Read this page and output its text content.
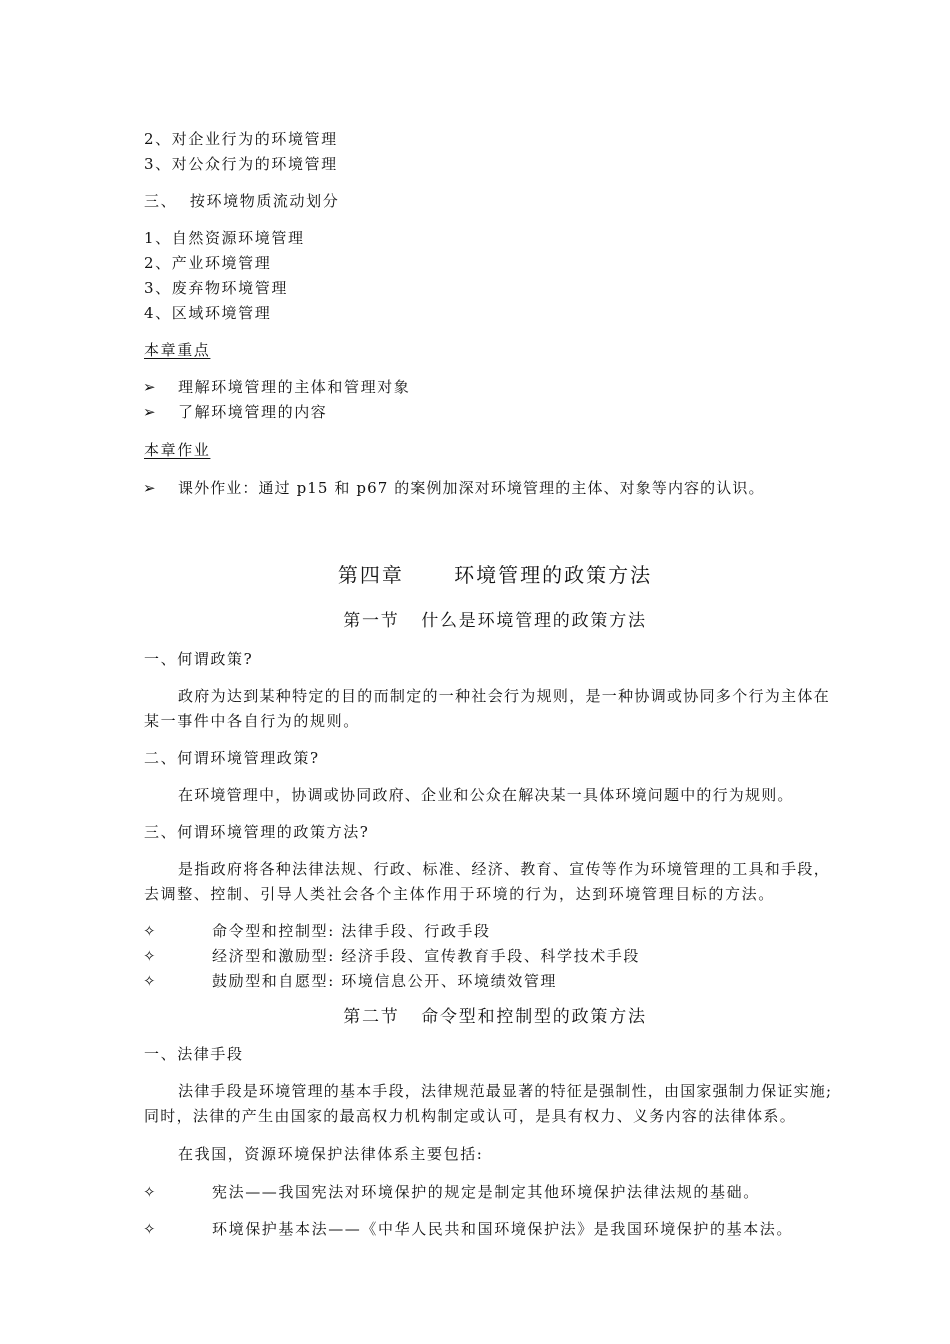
2、对企业行为的环境管理
3、对公众行为的环境管理
三、  按环境物质流动划分
1、自然资源环境管理
2、产业环境管理
3、废弃物环境管理
4、区域环境管理
本章重点
➢ 理解环境管理的主体和管理对象
➢ 了解环境管理的内容
本章作业
➢ 课外作业：通过 p15 和 p67 的案例加深对环境管理的主体、对象等内容的认识。
第四章      环境管理的政策方法
第一节   什么是环境管理的政策方法
一、何谓政策?
政府为达到某种特定的目的而制定的一种社会行为规则，是一种协调或协同多个行为主体在
某一事件中各自行为的规则。
二、何谓环境管理政策?
在环境管理中，协调或协同政府、企业和公众在解决某一具体环境问题中的行为规则。
三、何谓环境管理的政策方法?
是指政府将各种法律法规、行政、标准、经济、教育、宣传等作为环境管理的工具和手段，
去调整、控制、引导人类社会各个主体作用于环境的行为，达到环境管理目标的方法。
✧	命令型和控制型: 法律手段、行政手段
✧	经济型和激励型: 经济手段、宣传教育手段、科学技术手段
✧	鼓励型和自愿型: 环境信息公开、环境绩效管理
第二节   命令型和控制型的政策方法
一、法律手段
法律手段是环境管理的基本手段，法律规范最显著的特征是强制性，由国家强制力保证实施;
同时，法律的产生由国家的最高权力机构制定或认可，是具有权力、义务内容的法律体系。
在我国，资源环境保护法律体系主要包括:
✧	宪法——我国宪法对环境保护的规定是制定其他环境保护法律法规的基础。
✧	环境保护基本法——《中华人民共和国环境保护法》是我国环境保护的基本法。
